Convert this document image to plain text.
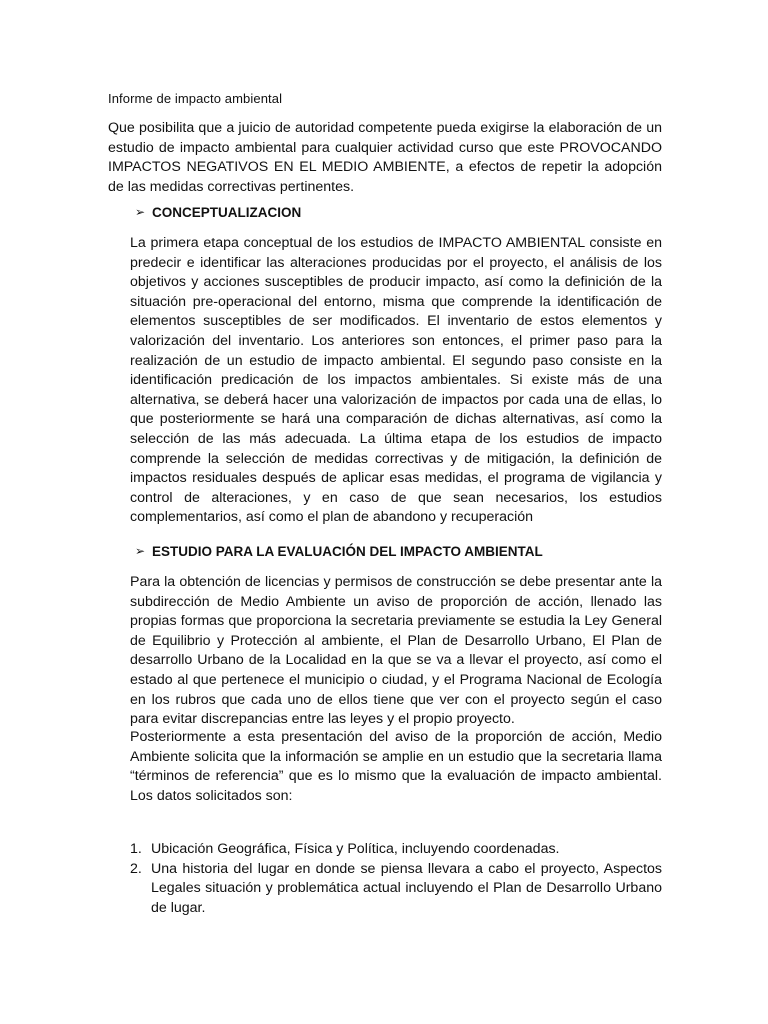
Informe de impacto ambiental

Que posibilita que a juicio de autoridad competente pueda exigirse la elaboración de un estudio de impacto ambiental para cualquier actividad curso que este PROVOCANDO IMPACTOS NEGATIVOS EN EL MEDIO AMBIENTE, a efectos de repetir la adopción de las medidas correctivas pertinentes.

➢ CONCEPTUALIZACION

La primera etapa conceptual de los estudios de IMPACTO AMBIENTAL consiste en predecir e identificar las alteraciones producidas por el proyecto, el análisis de los objetivos y acciones susceptibles de producir impacto, así como la definición de la situación pre-operacional del entorno, misma que comprende la identificación de elementos susceptibles de ser modificados. El inventario de estos elementos y valorización del inventario. Los anteriores son entonces, el primer paso para la realización de un estudio de impacto ambiental. El segundo paso consiste en la identificación predicación de los impactos ambientales. Si existe más de una alternativa, se deberá hacer una valorización de impactos por cada una de ellas, lo que posteriormente se hará una comparación de dichas alternativas, así como la selección de las más adecuada. La última etapa de los estudios de impacto comprende la selección de medidas correctivas y de mitigación, la definición de impactos residuales después de aplicar esas medidas, el programa de vigilancia y control de alteraciones, y en caso de que sean necesarios, los estudios complementarios, así como el plan de abandono y recuperación

➢ ESTUDIO PARA LA EVALUACIÓN DEL IMPACTO AMBIENTAL

Para la obtención de licencias y permisos de construcción se debe presentar ante la subdirección de Medio Ambiente un aviso de proporción de acción, llenado las propias formas que proporciona la secretaria previamente se estudia la Ley General de Equilibrio y Protección al ambiente, el Plan de Desarrollo Urbano, El Plan de desarrollo Urbano de la Localidad en la que se va a llevar el proyecto, así como el estado al que pertenece el municipio o ciudad, y el Programa Nacional de Ecología en los rubros que cada uno de ellos tiene que ver con el proyecto según el caso para evitar discrepancias entre las leyes y el propio proyecto.

Posteriormente a esta presentación del aviso de la proporción de acción, Medio Ambiente solicita que la información se amplie en un estudio que la secretaria llama “términos de referencia” que es lo mismo que la evaluación de impacto ambiental. Los datos solicitados son:

1. Ubicación Geográfica, Física y Política, incluyendo coordenadas.
2. Una historia del lugar en donde se piensa llevara a cabo el proyecto, Aspectos Legales situación y problemática actual incluyendo el Plan de Desarrollo Urbano de lugar.
